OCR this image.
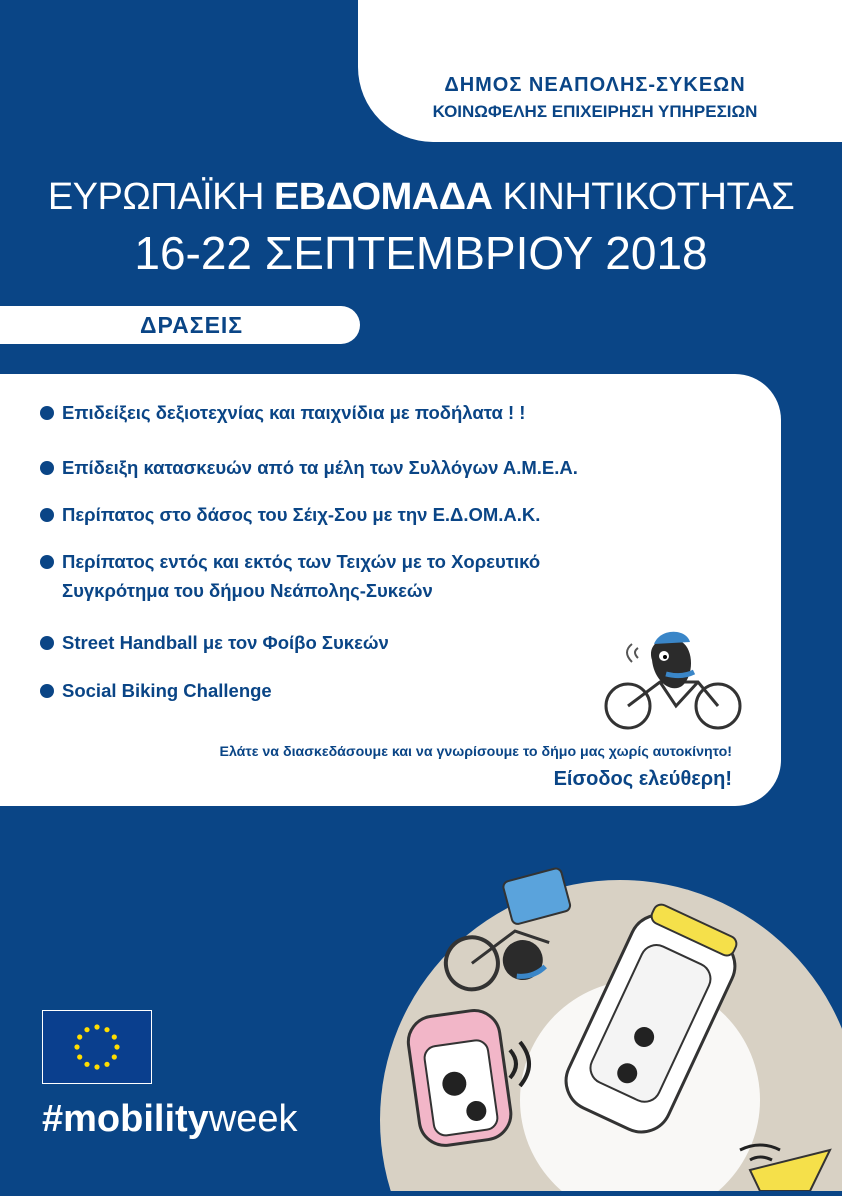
ΔΗΜΟΣ ΝΕΑΠΟΛΗΣ-ΣΥΚΕΩΝ
ΚΟΙΝΩΦΕΛΗΣ ΕΠΙΧΕΙΡΗΣΗ ΥΠΗΡΕΣΙΩΝ
ΕΥΡΩΠΑΪΚΗ ΕΒΔΟΜΑΔΑ ΚΙΝΗΤΙΚΟΤΗΤΑΣ
16-22 ΣΕΠΤΕΜΒΡΙΟΥ 2018
ΔΡΑΣΕΙΣ
Επιδείξεις δεξιοτεχνίας και παιχνίδια με ποδήλατα ! !
Επίδειξη κατασκευών από τα μέλη των Συλλόγων Α.Μ.Ε.Α.
Περίπατος στο δάσος του Σέιχ-Σου με την Ε.Δ.ΟΜ.Α.Κ.
Περίπατος εντός και εκτός των Τειχών με το Χορευτικό
Συγκρότημα του δήμου Νεάπολης-Συκεών
Street Handball με τον Φοίβο Συκεών
Social Biking Challenge
Ελάτε να διασκεδάσουμε και να γνωρίσουμε το δήμο μας χωρίς αυτοκίνητο!
Είσοδος ελεύθερη!
#mobilityweek
